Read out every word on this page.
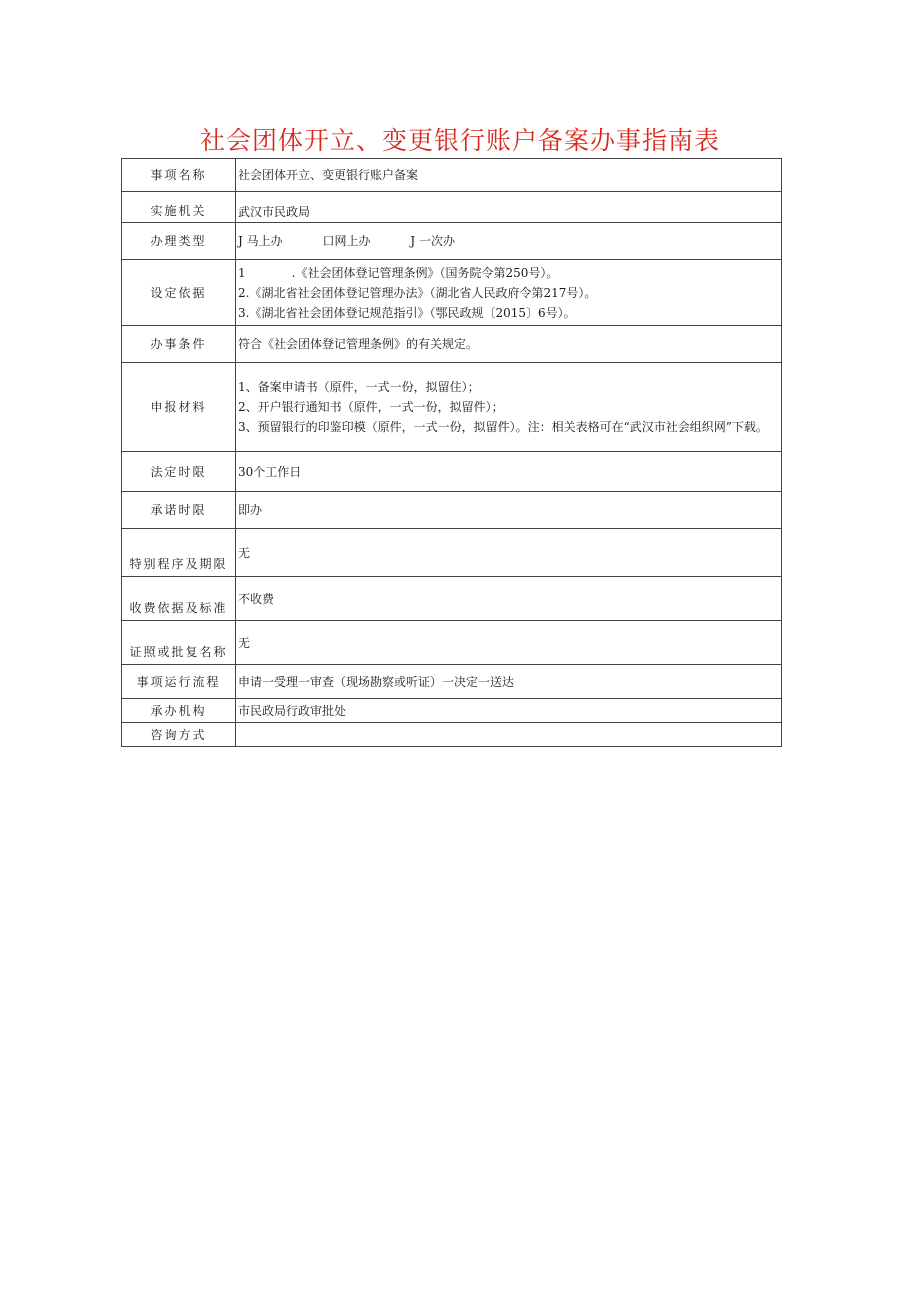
社会团体开立、变更银行账户备案办事指南表
事项名称	社会团体开立、变更银行账户备案
实施机关	武汉市民政局
办理类型	J 马上办 口网上办 J 一次办
设定依据	1 .《社会团体登记管理条例》（国务院令第250号）。
2.《湖北省社会团体登记管理办法》（湖北省人民政府令第217号）。
3.《湖北省社会团体登记规范指引》（鄂民政规〔2015〕6号）。

办事条件	符合《社会团体登记管理条例》的有关规定。
申报材料	1、备案申请书（原件，一式一份，拟留住）；
2、开户银行通知书（原件，一式一份，拟留件）；
3、预留银行的印鉴印模（原件，一式一份，拟留件）。注：相关表格可在“武汉市社会组织网”下载。

法定时限	30个工作日
承诺时限	即办
特别程序及期限	无
收费依据及标准	不收费
证照或批复名称	无
事项运行流程	申请一受理一审查（现场勘察或听证）一决定一送达
承办机构	市民政局行政审批处
咨询方式	
